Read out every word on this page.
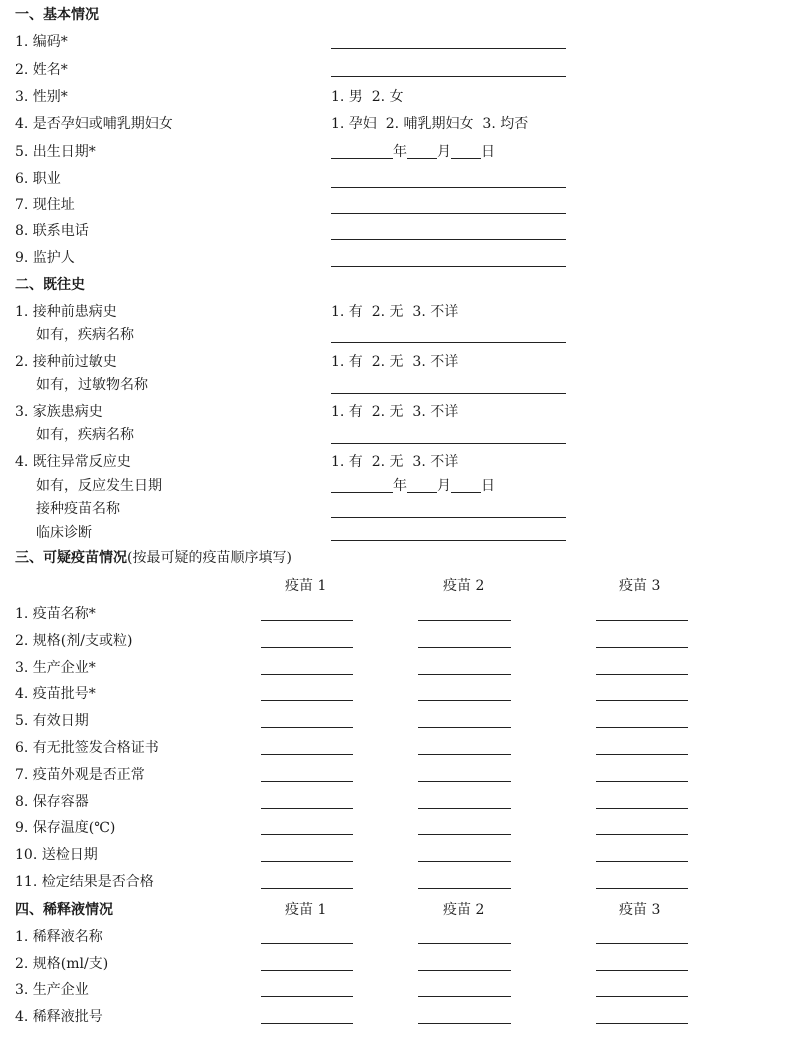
一、基本情况
1. 编码*
2. 姓名*
3. 性别*	1. 男  2. 女
4. 是否孕妇或哺乳期妇女	1. 孕妇  2. 哺乳期妇女  3. 均否
5. 出生日期*	年 月 日
6. 职业
7. 现住址
8. 联系电话
9. 监护人
二、既往史
1. 接种前患病史	1. 有  2. 无  3. 不详
如有，疾病名称
2. 接种前过敏史	1. 有  2. 无  3. 不详
如有，过敏物名称
3. 家族患病史	1. 有  2. 无  3. 不详
如有，疾病名称
4. 既往异常反应史	1. 有  2. 无  3. 不详
如有，反应发生日期	年 月 日
接种疫苗名称
临床诊断
三、可疑疫苗情况(按最可疑的疫苗顺序填写)
疫苗 1	疫苗 2	疫苗 3
1. 疫苗名称*
2. 规格(剂/支或粒)
3. 生产企业*
4. 疫苗批号*
5. 有效日期
6. 有无批签发合格证书
7. 疫苗外观是否正常
8. 保存容器
9. 保存温度(℃)
10. 送检日期
11. 检定结果是否合格
四、稀释液情况	疫苗 1	疫苗 2	疫苗 3
1. 稀释液名称
2. 规格(ml/支)
3. 生产企业
4. 稀释液批号
